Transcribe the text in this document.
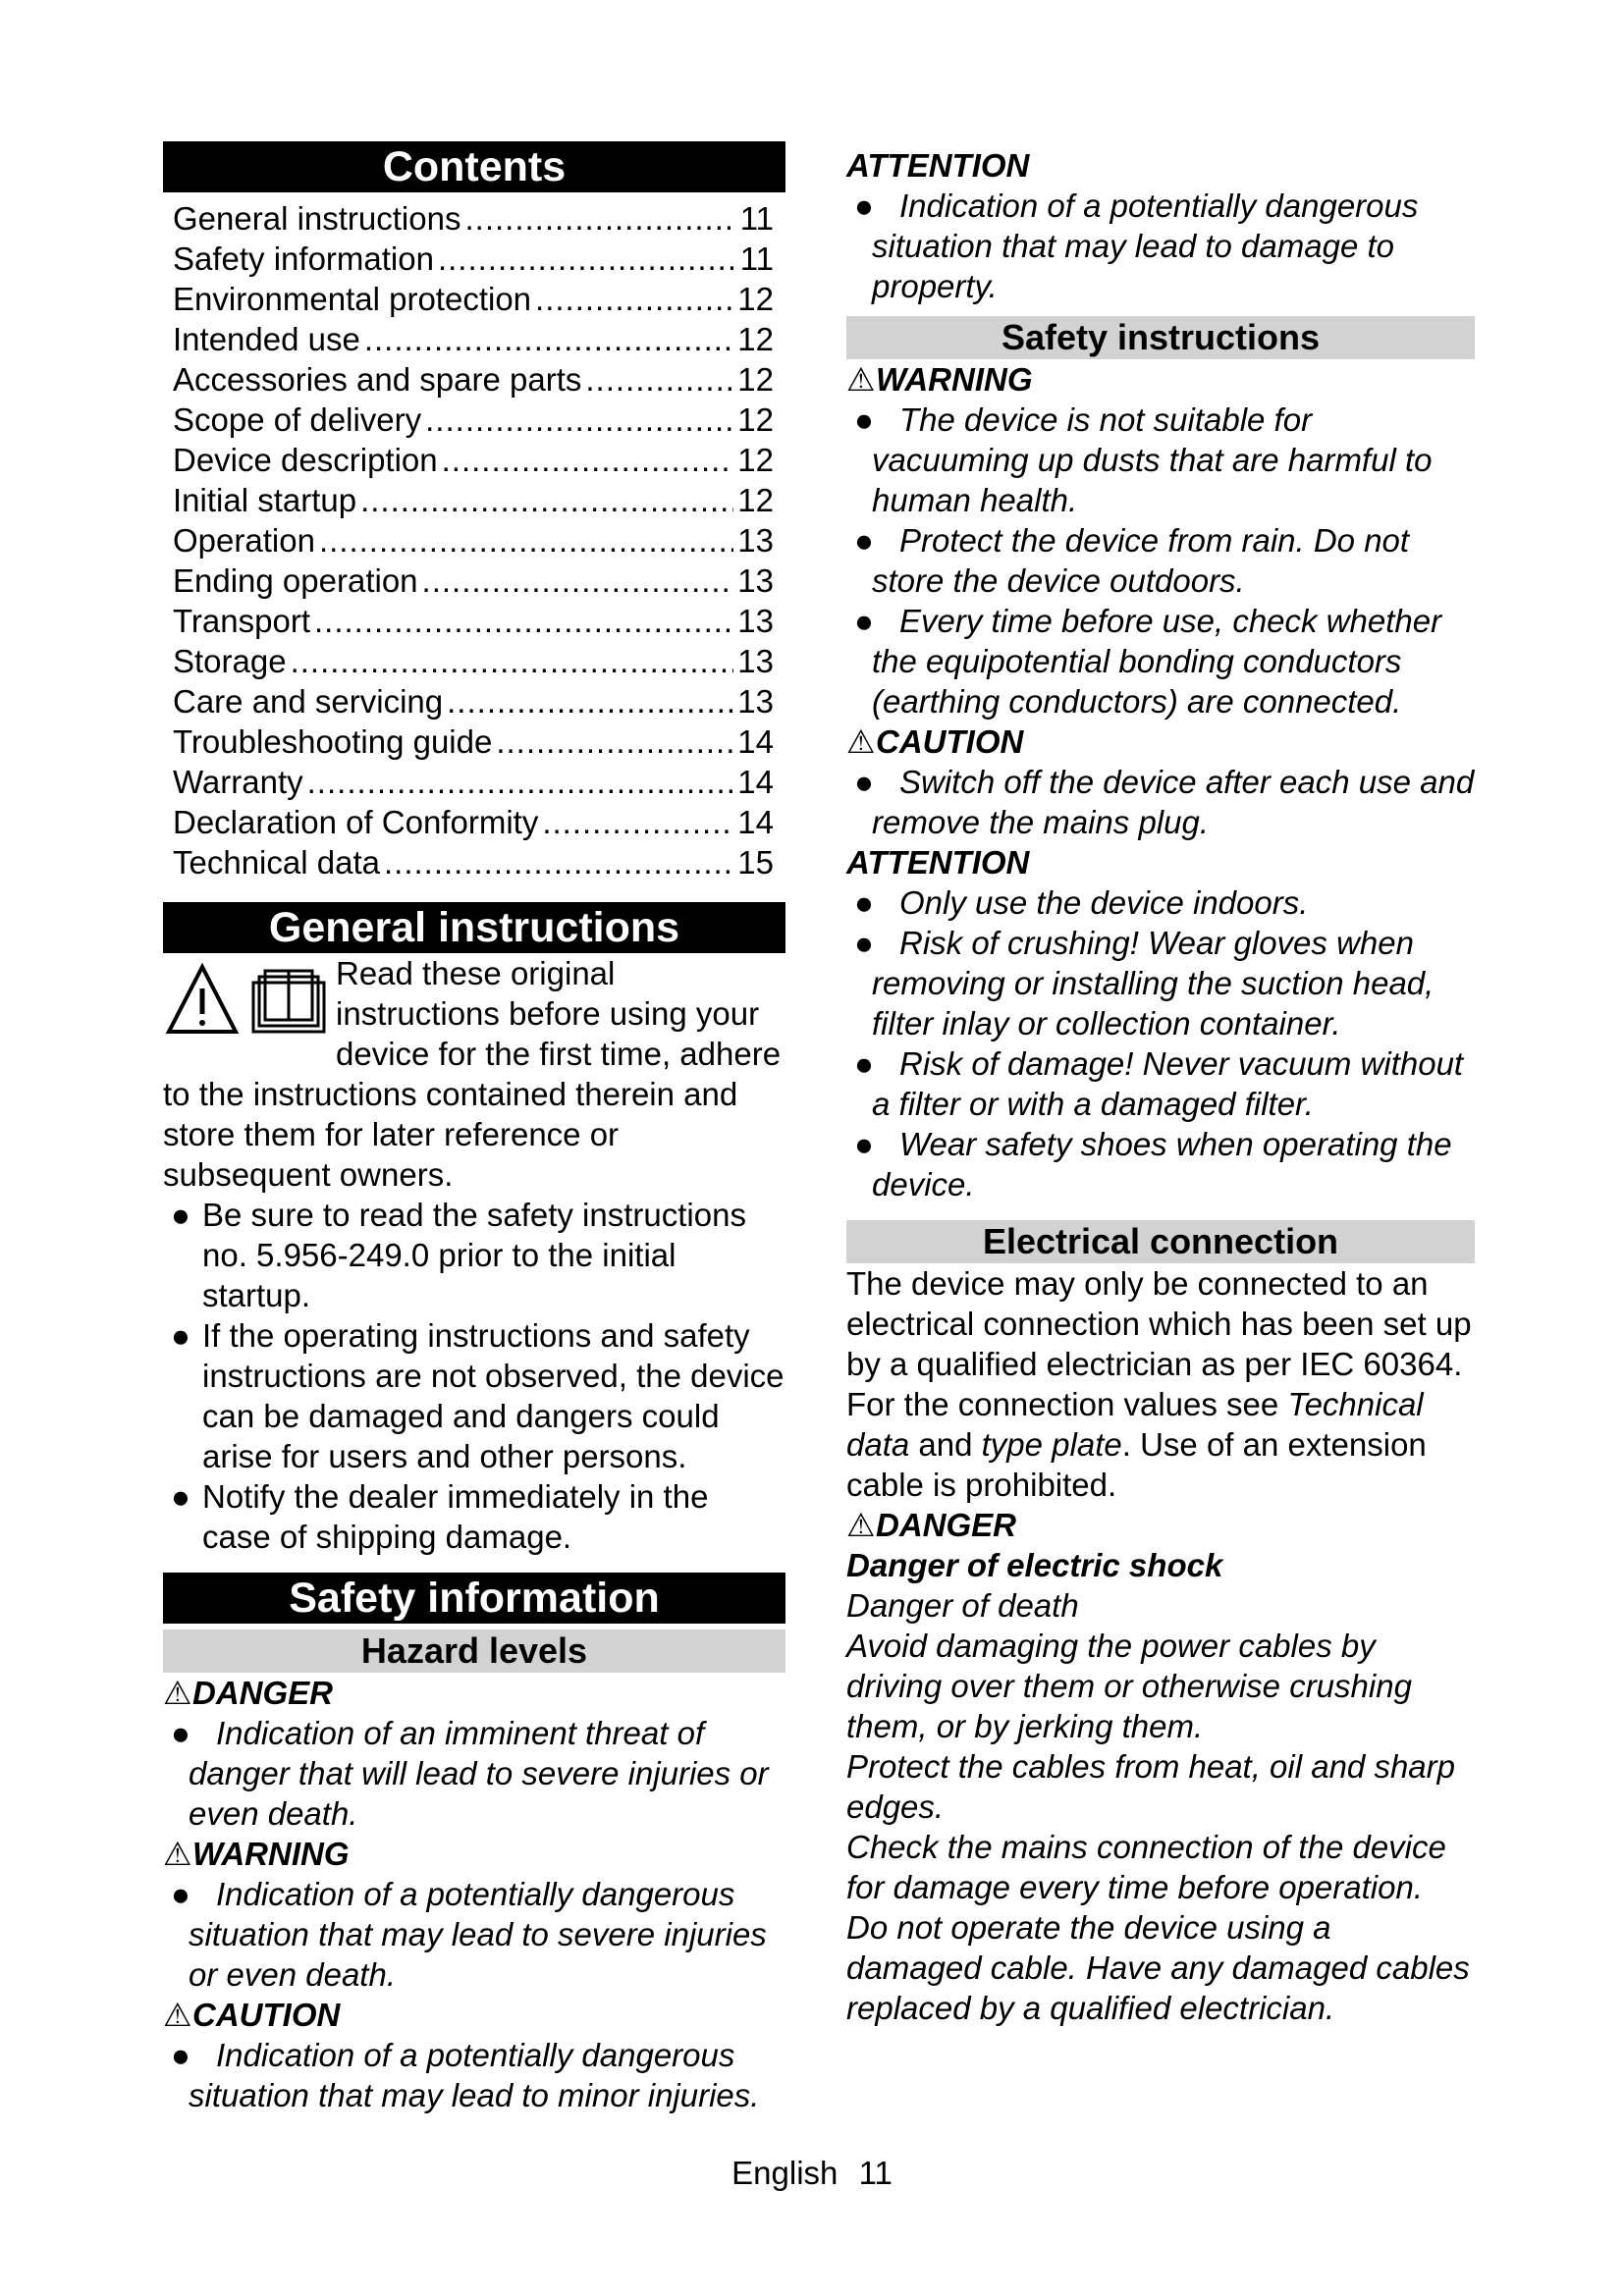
Contents
General instructions .....	11
Safety information .....	11
Environmental protection .....	12
Intended use .....	12
Accessories and spare parts .....	12
Scope of delivery .....	12
Device description .....	12
Initial startup .....	12
Operation .....	13
Ending operation .....	13
Transport .....	13
Storage .....	13
Care and servicing .....	13
Troubleshooting guide .....	14
Warranty .....	14
Declaration of Conformity .....	14
Technical data .....	15
General instructions

Read these original instructions before using your device for the first time, adhere to the instructions contained therein and store them for later reference or subsequent owners.

● Be sure to read the safety instructions no. 5.956-249.0 prior to the initial startup.
● If the operating instructions and safety instructions are not observed, the device can be damaged and dangers could arise for users and other persons.
● Notify the dealer immediately in the case of shipping damage.
Safety information
Hazard levels

⚠DANGER

● Indication of an imminent threat of danger that will lead to severe injuries or even death.

⚠WARNING

● Indication of a potentially dangerous situation that may lead to severe injuries or even death.

⚠CAUTION

● Indication of a potentially dangerous situation that may lead to minor injuries.

ATTENTION

● Indication of a potentially dangerous situation that may lead to damage to property.
Safety instructions

⚠WARNING

● The device is not suitable for vacuuming up dusts that are harmful to human health.
● Protect the device from rain. Do not store the device outdoors.
● Every time before use, check whether the equipotential bonding conductors (earthing conductors) are connected.

⚠CAUTION

● Switch off the device after each use and remove the mains plug.

ATTENTION

● Only use the device indoors.
● Risk of crushing! Wear gloves when removing or installing the suction head, filter inlay or collection container.
● Risk of damage! Never vacuum without a filter or with a damaged filter.
● Wear safety shoes when operating the device.
Electrical connection

The device may only be connected to an electrical connection which has been set up by a qualified electrician as per IEC 60364. For the connection values see Technical data and type plate. Use of an extension cable is prohibited.

⚠DANGER

Danger of electric shock

Danger of death

Avoid damaging the power cables by driving over them or otherwise crushing them, or by jerking them.

Protect the cables from heat, oil and sharp edges.

Check the mains connection of the device for damage every time before operation.

Do not operate the device using a damaged cable. Have any damaged cables replaced by a qualified electrician.

English 11
